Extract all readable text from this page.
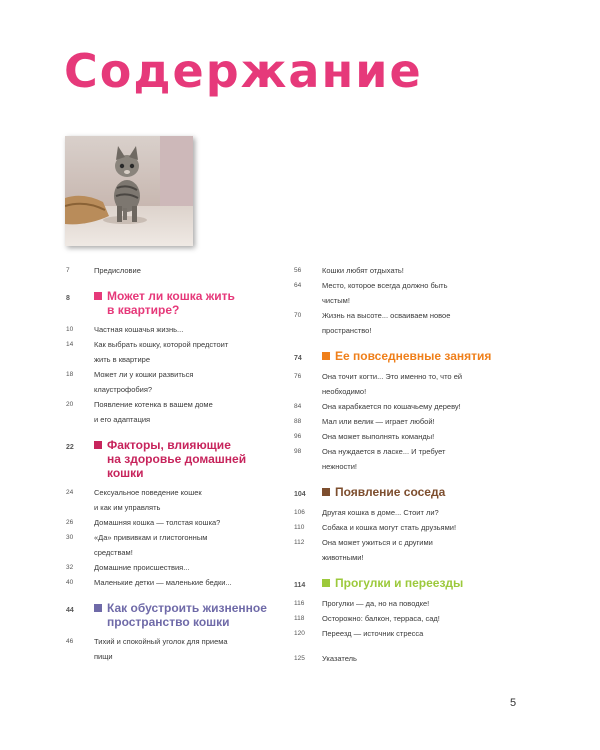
Содержание
7	Предисловие
8	Может ли кошка жить
в квартире?
10	Частная кошачья жизнь...
14	Как выбрать кошку, которой предстоит
жить в квартире
18	Может ли у кошки развиться
клаустрофобия?
20	Появление котенка в вашем доме
и его адаптация
22	Факторы, влияющие
на здоровье домашней
кошки
24	Сексуальное поведение кошек
и как им управлять
26	Домашняя кошка — толстая кошка?
30	«Да» прививкам и глистогонным
средствам!
32	Домашние происшествия...
40	Маленькие детки — маленькие бедки...
44	Как обустроить жизненное
пространство кошки
46	Тихий и спокойный уголок для приема
пищи
56	Кошки любят отдыхать!
64	Место, которое всегда должно быть
чистым!
70	Жизнь на высоте... осваиваем новое
пространство!
74	Ее повседневные занятия
76	Она точит когти... Это именно то, что ей
необходимо!
84	Она карабкается по кошачьему дереву!
88	Мал или велик — играет любой!
96	Она может выполнять команды!
98	Она нуждается в ласке... И требует
нежности!
104	Появление соседа
106	Другая кошка в доме... Стоит ли?
110	Собака и кошка могут стать друзьями!
112	Она может ужиться и с другими
животными!
114	Прогулки и переезды
116	Прогулки — да, но на поводке!
118	Осторожно: балкон, терраса, сад!
120	Переезд — источник стресса
125	Указатель
5
